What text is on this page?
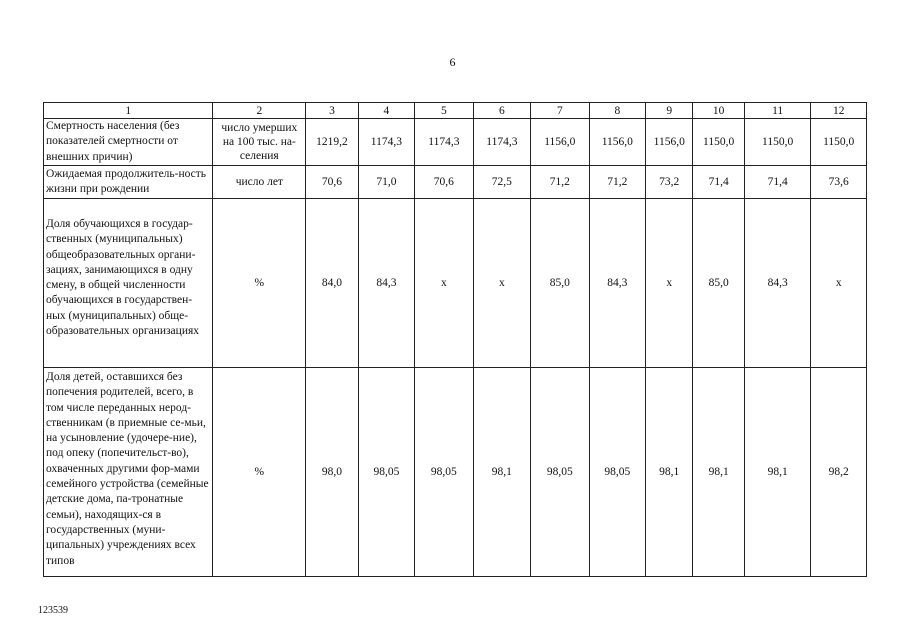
6
1	2	3	4	5	6	7	8	9	10	11	12
Смертность населения (без показателей смертности от внешних причин)	число умерших на 100 тыс. на-селения	1219,2	1174,3	1174,3	1174,3	1156,0	1156,0	1156,0	1150,0	1150,0	1150,0
Ожидаемая продолжитель-ность жизни при рождении	число лет	70,6	71,0	70,6	72,5	71,2	71,2	73,2	71,4	71,4	73,6
Доля обучающихся в государ-ственных (муниципальных) общеобразовательных органи-зациях, занимающихся в одну смену, в общей численности обучающихся в государствен-ных (муниципальных) обще-образовательных организациях	%	84,0	84,3	x	x	85,0	84,3	x	85,0	84,3	x
Доля детей, оставшихся без попечения родителей, всего, в том числе переданных нерод-ственникам (в приемные се-мьи, на усыновление (удочере-ние), под опеку (попечительст-во), охваченных другими фор-мами семейного устройства (семейные детские дома, па-тронатные семьи), находящих-ся в государственных (муни-ципальных) учреждениях всех типов	%	98,0	98,05	98,05	98,1	98,05	98,05	98,1	98,1	98,1	98,2
123539
